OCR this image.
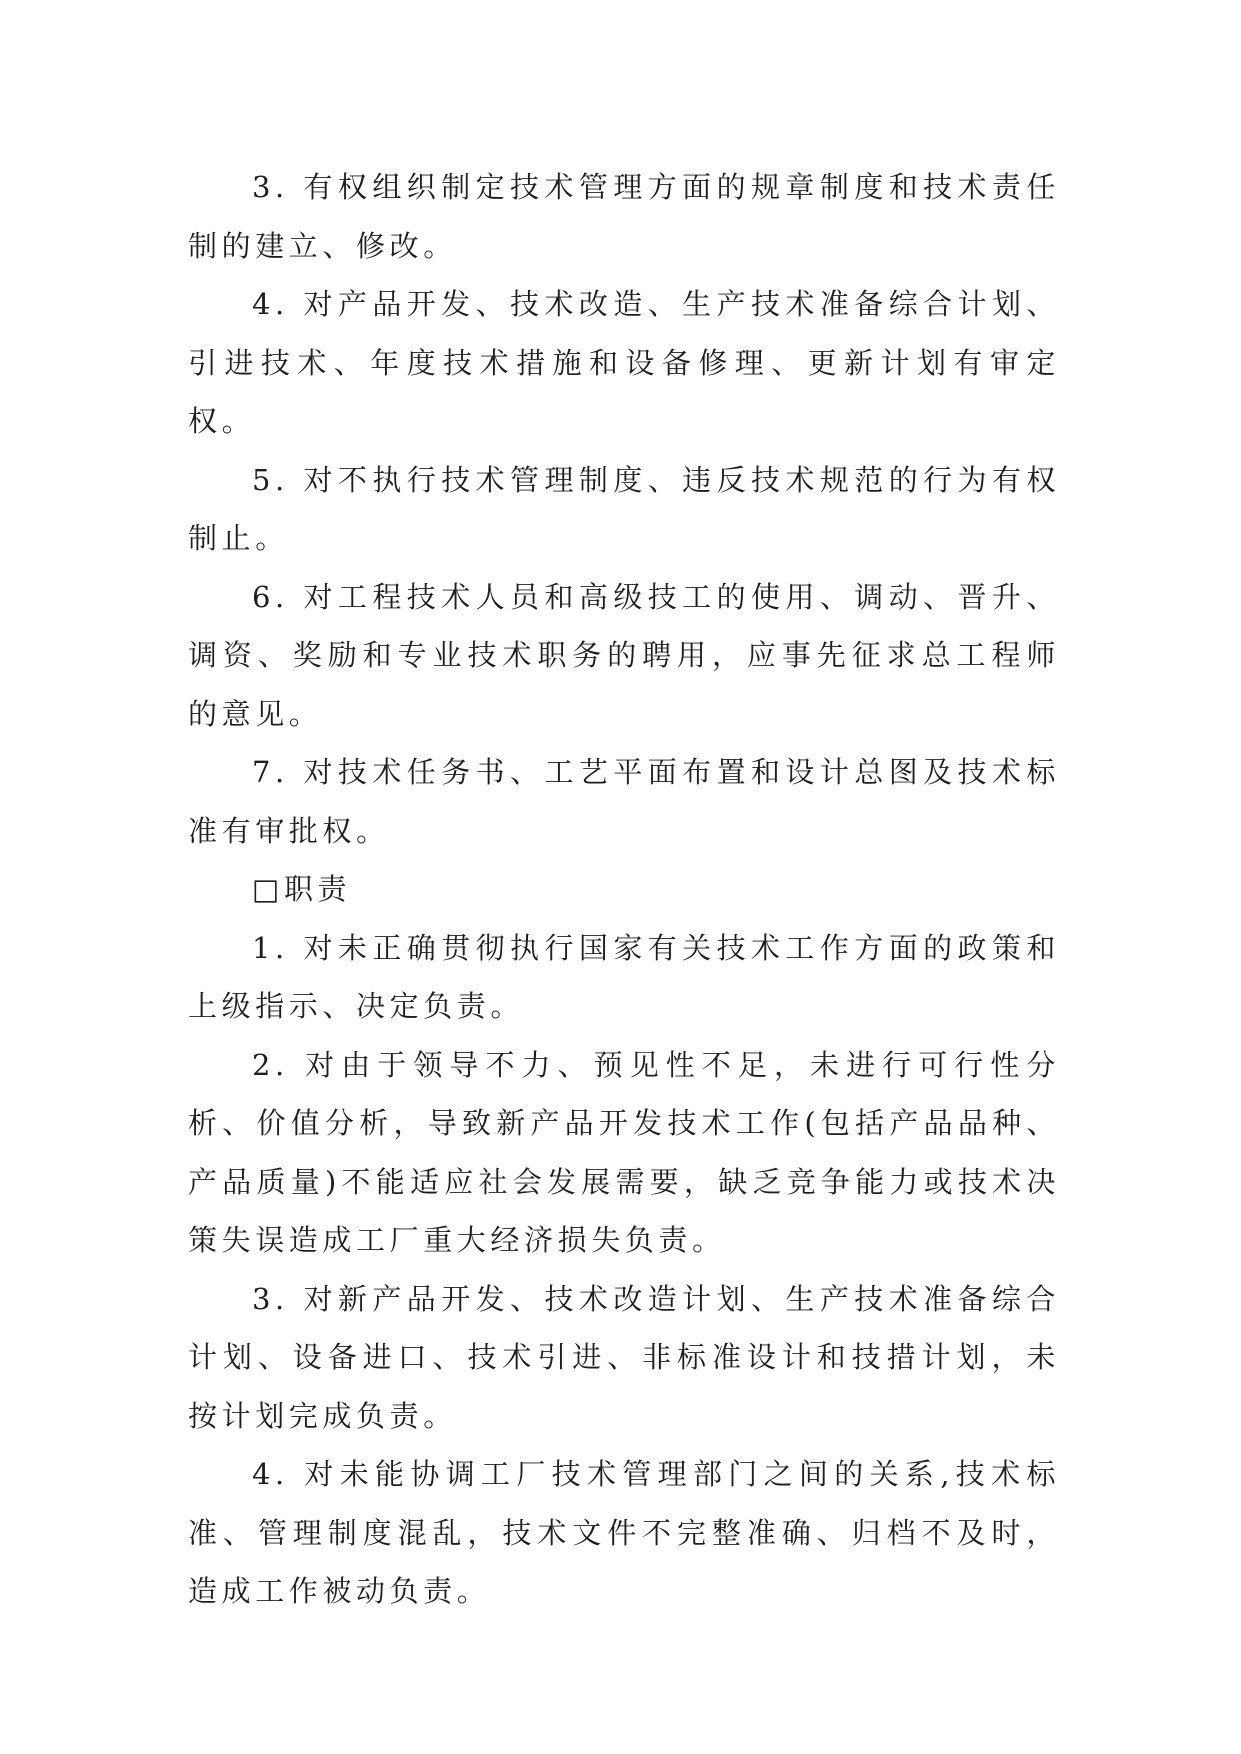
3. 有权组织制定技术管理方面的规章制度和技术责任制的建立、修改。

4. 对产品开发、技术改造、生产技术准备综合计划、引进技术、年度技术措施和设备修理、更新计划有审定权。

5. 对不执行技术管理制度、违反技术规范的行为有权制止。

6. 对工程技术人员和高级技工的使用、调动、晋升、调资、奖励和专业技术职务的聘用，应事先征求总工程师的意见。

7. 对技术任务书、工艺平面布置和设计总图及技术标准有审批权。

□职责

1. 对未正确贯彻执行国家有关技术工作方面的政策和上级指示、决定负责。

2. 对由于领导不力、预见性不足，未进行可行性分析、价值分析，导致新产品开发技术工作(包括产品品种、产品质量)不能适应社会发展需要，缺乏竞争能力或技术决策失误造成工厂重大经济损失负责。

3. 对新产品开发、技术改造计划、生产技术准备综合计划、设备进口、技术引进、非标准设计和技措计划，未按计划完成负责。

4. 对未能协调工厂技术管理部门之间的关系,技术标准、管理制度混乱，技术文件不完整准确、归档不及时，造成工作被动负责。
